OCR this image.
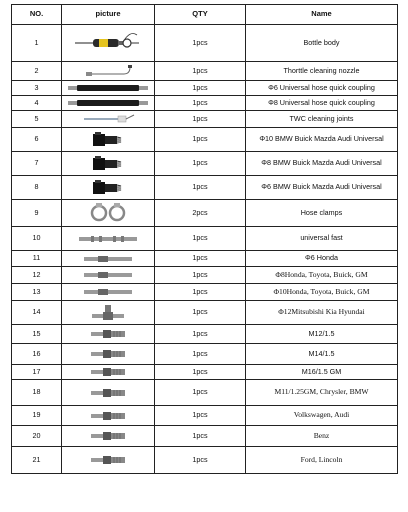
NO.	picture	QTY	Name
1		1pcs	Bottle body
2		1pcs	Thorttle cleaning nozzle
3		1pcs	Φ6 Universal hose quick coupling
4		1pcs	Φ8 Universal hose quick coupling
5		1pcs	TWC cleaning joints
6		1pcs	Φ10 BMW Buick Mazda Audi Universal
7		1pcs	Φ8 BMW Buick Mazda Audi Universal
8		1pcs	Φ6 BMW Buick Mazda Audi Universal
9		2pcs	Hose clamps
10		1pcs	universal fast
11		1pcs	Φ6 Honda
12		1pcs	Φ8Honda, Toyota, Buick, GM
13		1pcs	Φ10Honda, Toyota, Buick, GM
14		1pcs	Φ12Mitsubishi Kia Hyundai
15		1pcs	M12/1.5
16		1pcs	M14/1.5
17		1pcs	M16/1.5 GM
18		1pcs	M11/1.25GM, Chrysler, BMW
19		1pcs	Volkswagen, Audi
20		1pcs	Benz
21		1pcs	Ford, Lincoln
